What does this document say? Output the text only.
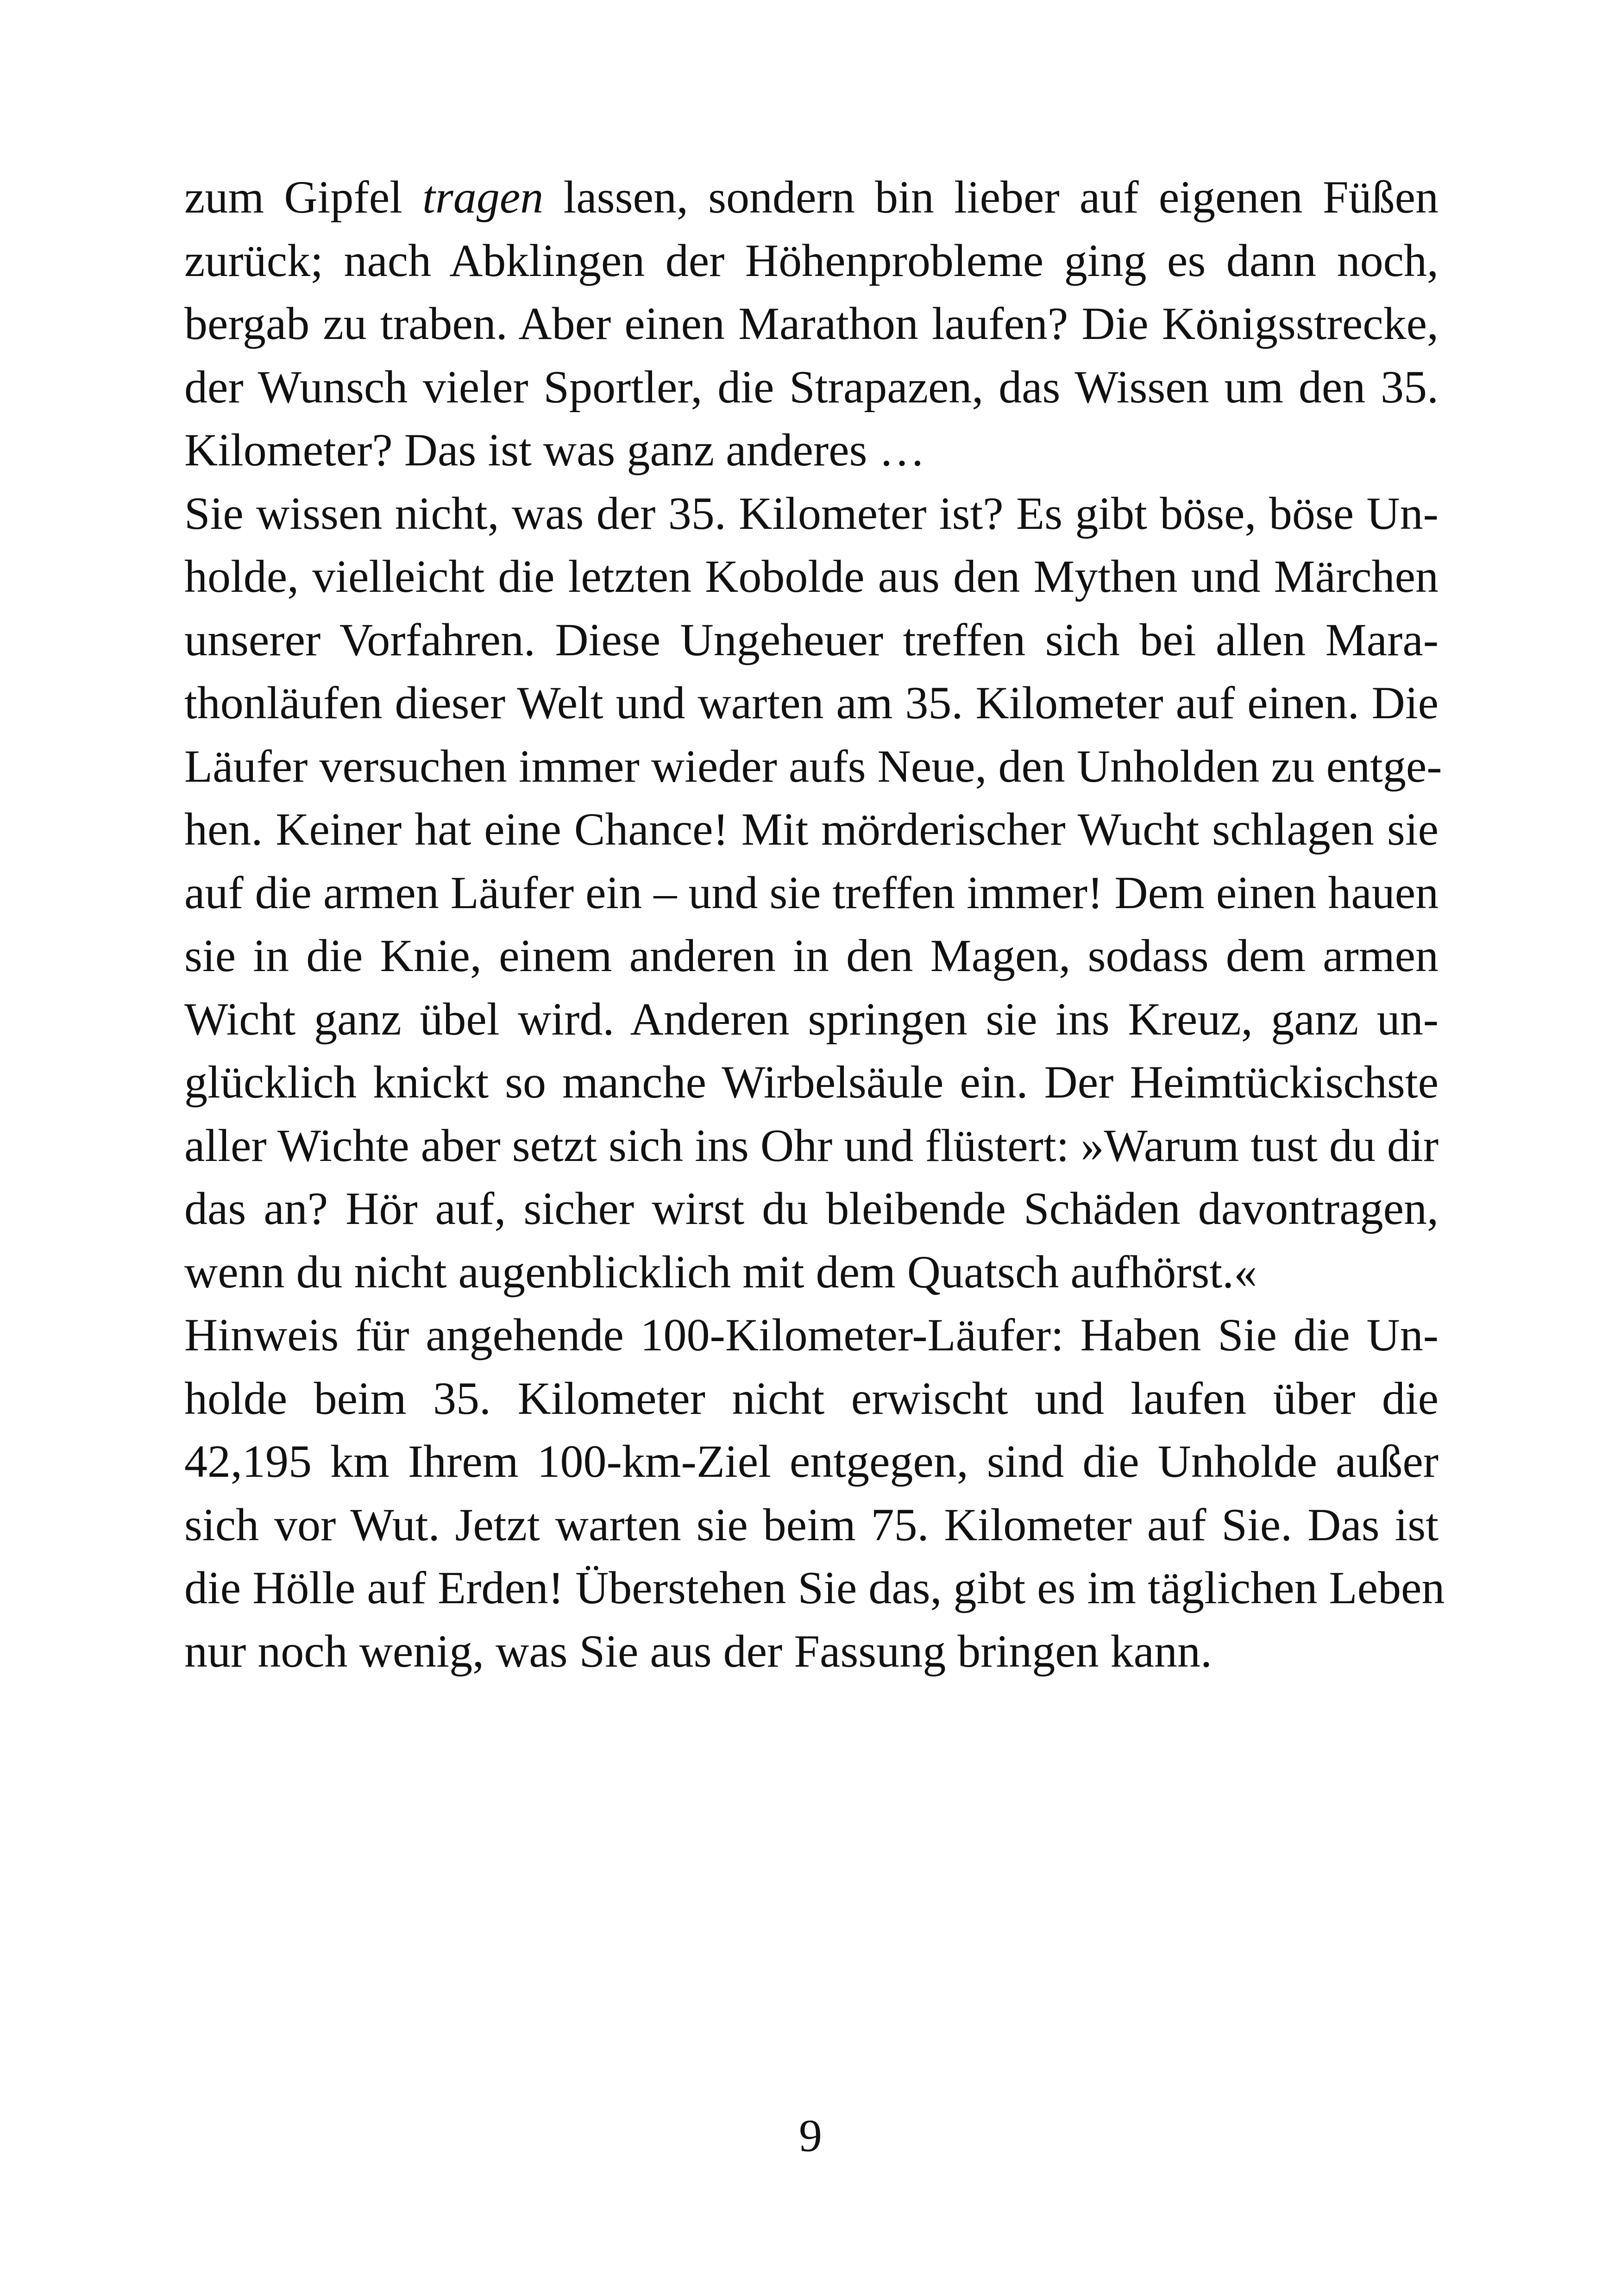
zum Gipfel tragen lassen, sondern bin lieber auf eigenen Füßen
zurück; nach Abklingen der Höhenprobleme ging es dann noch,
bergab zu traben. Aber einen Marathon laufen? Die Königsstrecke,
der Wunsch vieler Sportler, die Strapazen, das Wissen um den 35.
Kilometer? Das ist was ganz anderes …
Sie wissen nicht, was der 35. Kilometer ist? Es gibt böse, böse Un-
holde, vielleicht die letzten Kobolde aus den Mythen und Märchen
unserer Vorfahren. Diese Ungeheuer treffen sich bei allen Mara-
thonläufen dieser Welt und warten am 35. Kilometer auf einen. Die
Läufer versuchen immer wieder aufs Neue, den Unholden zu entge-
hen. Keiner hat eine Chance! Mit mörderischer Wucht schlagen sie
auf die armen Läufer ein – und sie treffen immer! Dem einen hauen
sie in die Knie, einem anderen in den Magen, sodass dem armen
Wicht ganz übel wird. Anderen springen sie ins Kreuz, ganz un-
glücklich knickt so manche Wirbelsäule ein. Der Heimtückischste
aller Wichte aber setzt sich ins Ohr und flüstert: »Warum tust du dir
das an? Hör auf, sicher wirst du bleibende Schäden davontragen,
wenn du nicht augenblicklich mit dem Quatsch aufhörst.«
Hinweis für angehende 100-Kilometer-Läufer: Haben Sie die Un-
holde beim 35. Kilometer nicht erwischt und laufen über die
42,195 km Ihrem 100-km-Ziel entgegen, sind die Unholde außer
sich vor Wut. Jetzt warten sie beim 75. Kilometer auf Sie. Das ist
die Hölle auf Erden! Überstehen Sie das, gibt es im täglichen Leben
nur noch wenig, was Sie aus der Fassung bringen kann.
9
